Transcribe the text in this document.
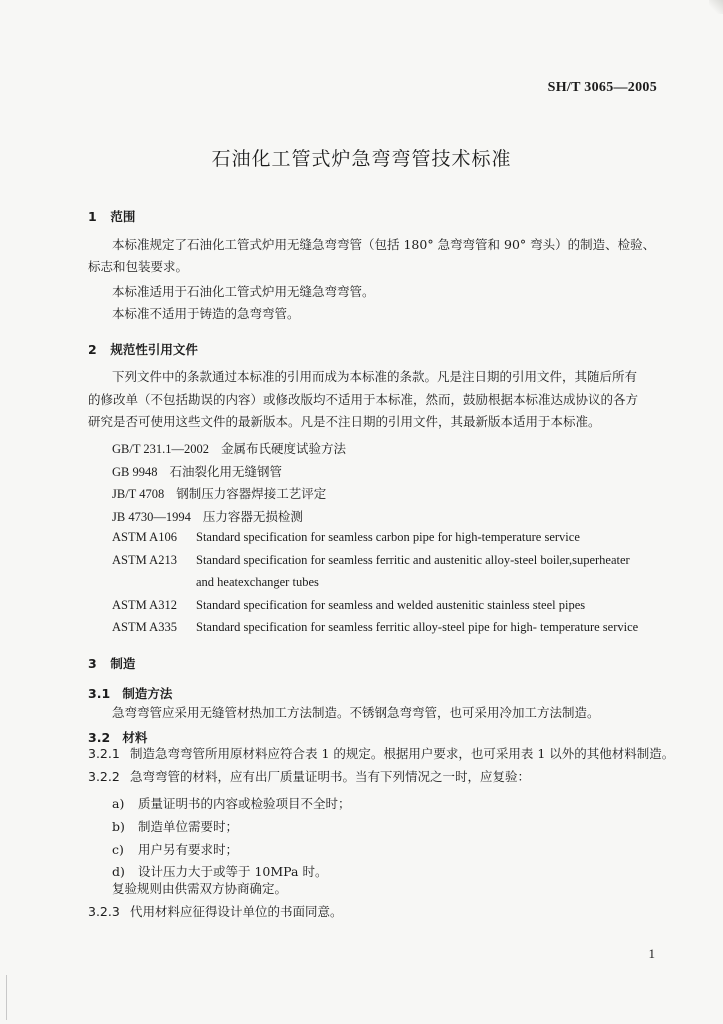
SH/T 3065—2005
石油化工管式炉急弯弯管技术标准
1 范围
本标准规定了石油化工管式炉用无缝急弯弯管（包括 180° 急弯弯管和 90° 弯头）的制造、检验、
标志和包装要求。
本标准适用于石油化工管式炉用无缝急弯弯管。
本标准不适用于铸造的急弯弯管。
2 规范性引用文件
下列文件中的条款通过本标准的引用而成为本标准的条款。凡是注日期的引用文件，其随后所有
的修改单（不包括勘误的内容）或修改版均不适用于本标准，然而，鼓励根据本标准达成协议的各方
研究是否可使用这些文件的最新版本。凡是不注日期的引用文件，其最新版本适用于本标准。
GB/T 231.1—2002 金属布氏硬度试验方法
GB 9948 石油裂化用无缝钢管
JB/T 4708 钢制压力容器焊接工艺评定
JB 4730—1994 压力容器无损检测
ASTM A106 Standard specification for seamless carbon pipe for high-temperature service
ASTM A213 Standard specification for seamless ferritic and austenitic alloy-steel boiler,superheater
and heatexchanger tubes
ASTM A312 Standard specification for seamless and welded austenitic stainless steel pipes
ASTM A335 Standard specification for seamless ferritic alloy-steel pipe for high- temperature service
3 制造
3.1 制造方法
急弯弯管应采用无缝管材热加工方法制造。不锈钢急弯弯管，也可采用冷加工方法制造。
3.2 材料
3.2.1 制造急弯弯管所用原材料应符合表 1 的规定。根据用户要求，也可采用表 1 以外的其他材料制造。
3.2.2 急弯弯管的材料，应有出厂质量证明书。当有下列情况之一时，应复验：
a) 质量证明书的内容或检验项目不全时；
b) 制造单位需要时；
c) 用户另有要求时；
d) 设计压力大于或等于 10MPa 时。
复验规则由供需双方协商确定。
3.2.3 代用材料应征得设计单位的书面同意。
1
